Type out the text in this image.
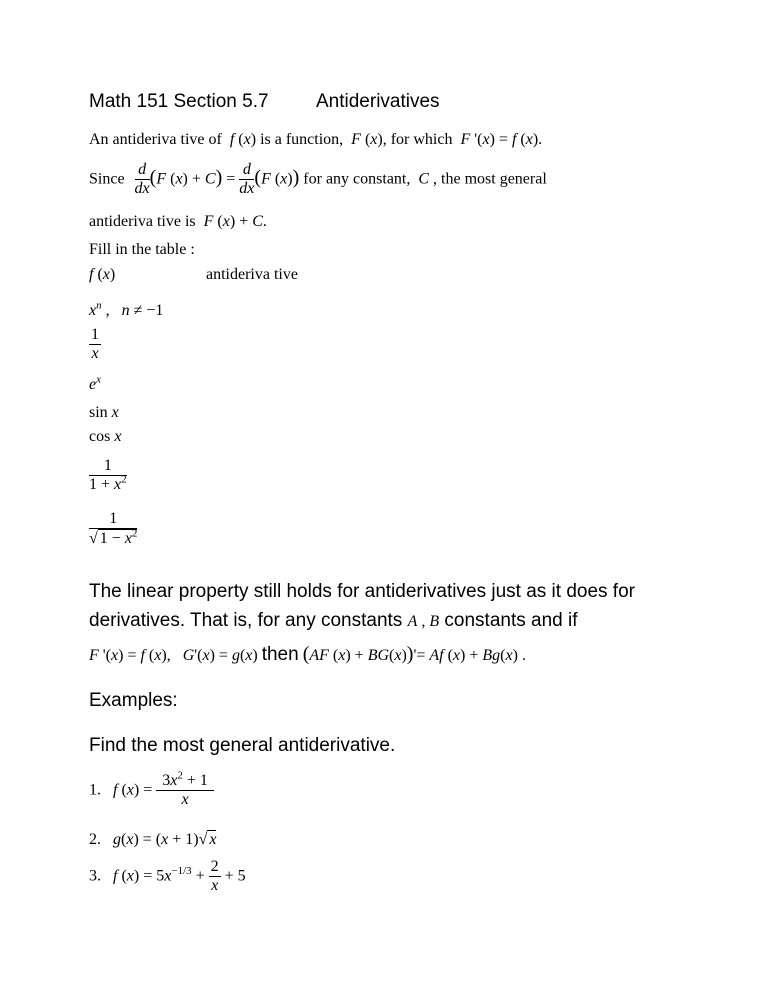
Math 151 Section 5.7 Antiderivatives
An antideriva tive of  f (x) is a function,  F (x), for which  F '(x) = f (x).
Since $\frac{d}{dx} (F$ $(x) + C) = \frac{d}{dx} (F$ (x)) for any constant,  C , the most general
antideriva tive is  F (x) + C.
Fill in the table :
f (x)	antideriva tive
$x^n$ ,   n ≠ −1
$\frac{1}{x}$
$e^x$
sin x
cos x
$\frac{1}{1 + x^2}$
$\frac{1}{√ 1 - x^2}$
The linear property still holds for antiderivatives just as it does for
derivatives. That is, for any constants A , B constants and if
F '(x) = f (x),   G'(x) = g(x) then (AF (x) + BG(x))'= Af (x) + Bg(x) .
Examples:
Find the most general antiderivative.
1.   f $(x) = \frac{3x^2 + 1}{x}$
2.   g(x) = (x + 1)√ x
3.   f $(x) = 5x^{-1/3} + \frac{2}{x} + 5$
